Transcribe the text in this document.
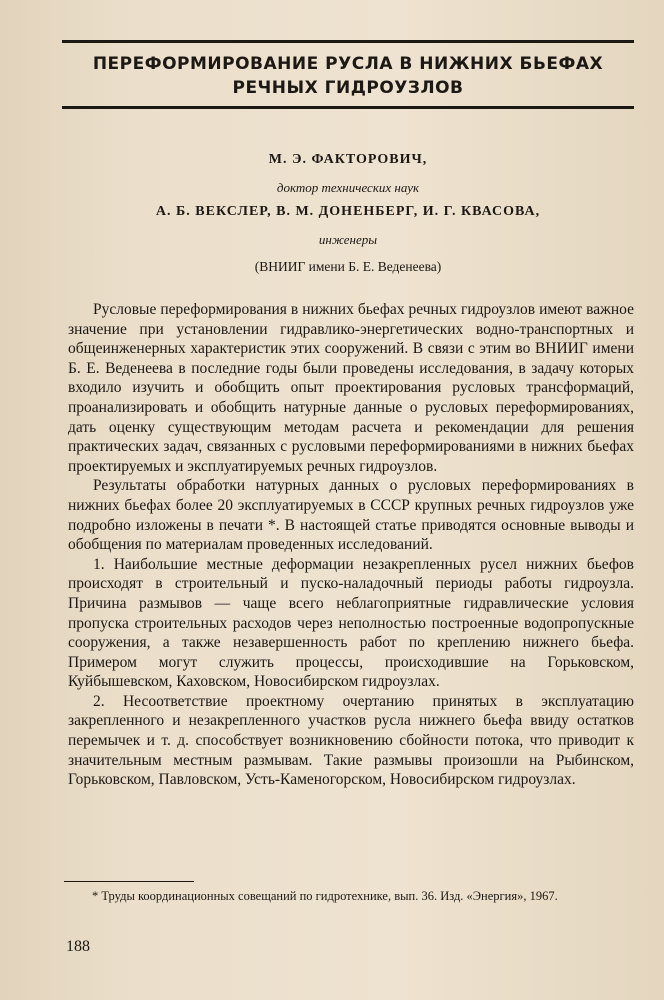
ПЕРЕФОРМИРОВАНИЕ РУСЛА В НИЖНИХ БЬЕФАХ
РЕЧНЫХ ГИДРОУЗЛОВ
М. Э. ФАКТОРОВИЧ,
доктор технических наук
А. Б. ВЕКСЛЕР, В. М. ДОНЕНБЕРГ, И. Г. КВАСОВА,
инженеры
(ВНИИГ имени Б. Е. Веденеева)

Русловые переформирования в нижних бьефах речных гидроузлов имеют важное значение при установлении гидравлико-энергетических водно-транспортных и общеинженерных характеристик этих сооружений. В связи с этим во ВНИИГ имени Б. Е. Веденеева в последние годы были проведены исследования, в задачу которых входило изучить и обобщить опыт проектирования русловых трансформаций, проанализировать и обобщить натурные данные о русловых переформированиях, дать оценку существующим методам расчета и рекомендации для решения практических задач, связанных с русловыми переформированиями в нижних бьефах проектируемых и эксплуатируемых речных гидроузлов.

Результаты обработки натурных данных о русловых переформированиях в нижних бьефах более 20 эксплуатируемых в СССР крупных речных гидроузлов уже подробно изложены в печати *. В настоящей статье приводятся основные выводы и обобщения по материалам проведенных исследований.

1. Наибольшие местные деформации незакрепленных русел нижних бьефов происходят в строительный и пуско-наладочный периоды работы гидроузла. Причина размывов — чаще всего неблагоприятные гидравлические условия пропуска строительных расходов через неполностью построенные водопропускные сооружения, а также незавершенность работ по креплению нижнего бьефа. Примером могут служить процессы, происходившие на Горьковском, Куйбышевском, Каховском, Новосибирском гидроузлах.

2. Несоответствие проектному очертанию принятых в эксплуатацию закрепленного и незакрепленного участков русла нижнего бьефа ввиду остатков перемычек и т. д. способствует возникновению сбойности потока, что приводит к значительным местным размывам. Такие размывы произошли на Рыбинском, Горьковском, Павловском, Усть-Каменогорском, Новосибирском гидроузлах.

* Труды координационных совещаний по гидротехнике, вып. 36. Изд. «Энергия», 1967.
188
